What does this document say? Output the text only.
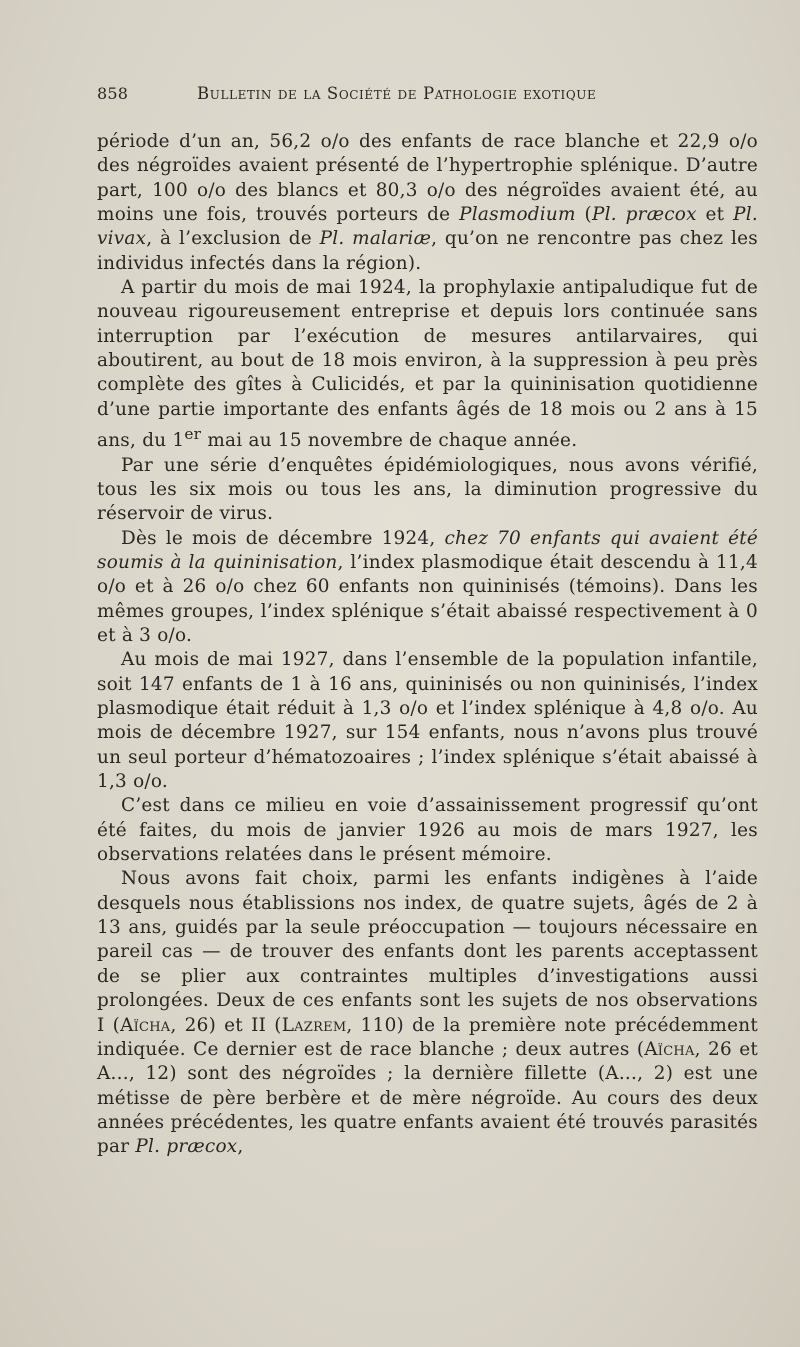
858	Bulletin de la Société de Pathologie exotique

période d’un an, 56,2 o/o des enfants de race blanche et 22,9 o/o des négroïdes avaient présenté de l’hypertrophie splénique. D’autre part, 100 o/o des blancs et 80,3 o/o des négroïdes avaient été, au moins une fois, trouvés porteurs de Plasmodium (Pl. præcox et Pl. vivax, à l’exclusion de Pl. malariæ, qu’on ne rencontre pas chez les individus infectés dans la région).

A partir du mois de mai 1924, la prophylaxie antipaludique fut de nouveau rigoureusement entreprise et depuis lors continuée sans interruption par l’exécution de mesures antilarvaires, qui aboutirent, au bout de 18 mois environ, à la suppression à peu près complète des gîtes à Culicidés, et par la quininisation quotidienne d’une partie importante des enfants âgés de 18 mois ou 2 ans à 15 ans, du 1er mai au 15 novembre de chaque année.

Par une série d’enquêtes épidémiologiques, nous avons vérifié, tous les six mois ou tous les ans, la diminution progressive du réservoir de virus.

Dès le mois de décembre 1924, chez 70 enfants qui avaient été soumis à la quininisation, l’index plasmodique était descendu à 11,4 o/o et à 26 o/o chez 60 enfants non quininisés (témoins). Dans les mêmes groupes, l’index splénique s’était abaissé respectivement à 0 et à 3 o/o.

Au mois de mai 1927, dans l’ensemble de la population infantile, soit 147 enfants de 1 à 16 ans, quininisés ou non quininisés, l’index plasmodique était réduit à 1,3 o/o et l’index splénique à 4,8 o/o. Au mois de décembre 1927, sur 154 enfants, nous n’avons plus trouvé un seul porteur d’hématozoaires ; l’index splénique s’était abaissé à 1,3 o/o.

C’est dans ce milieu en voie d’assainissement progressif qu’ont été faites, du mois de janvier 1926 au mois de mars 1927, les observations relatées dans le présent mémoire.

Nous avons fait choix, parmi les enfants indigènes à l’aide desquels nous établissions nos index, de quatre sujets, âgés de 2 à 13 ans, guidés par la seule préoccupation — toujours nécessaire en pareil cas — de trouver des enfants dont les parents acceptassent de se plier aux contraintes multiples d’investigations aussi prolongées. Deux de ces enfants sont les sujets de nos observations I (Aïcha, 26) et II (Lazrem, 110) de la première note précédemment indiquée. Ce dernier est de race blanche ; deux autres (Aïcha, 26 et A..., 12) sont des négroïdes ; la dernière fillette (A..., 2) est une métisse de père berbère et de mère négroïde. Au cours des deux années précédentes, les quatre enfants avaient été trouvés parasités par Pl. præcox,
